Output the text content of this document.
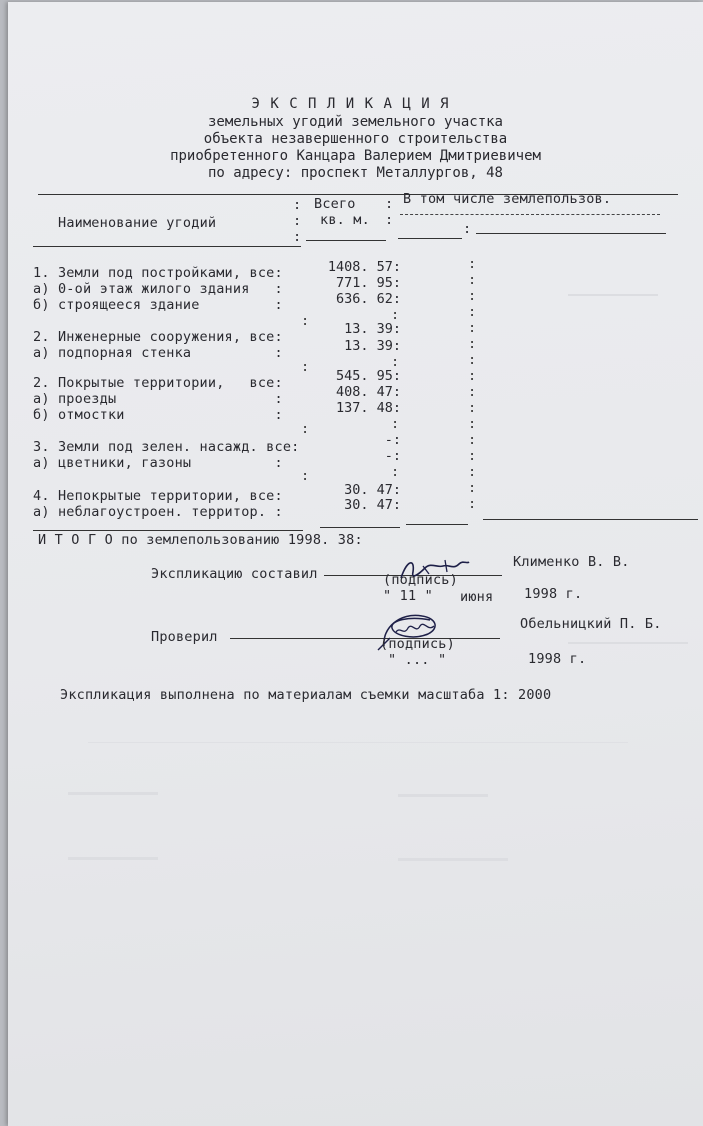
Э К С П Л И К А Ц И Я
земельных угодий земельного участка
объекта незавершенного строительства
приобретенного Канцара Валерием Дмитриевичем
по адресу: проспект Металлургов, 48
Наименование угодий
:
:
:
Всего
кв. м.
:
:
В том числе землепользов.
:
1. Земли под постройками, все:	1408. 57:
а) 0-ой этаж жилого здания   :	771. 95:
б) строящееся здание         :	636. 62:
2. Инженерные сооружения, все:	13. 39:
а) подпорная стенка          :	13. 39:
2. Покрытые территории,   все:	545. 95:
а) проезды                   :	408. 47:
б) отмостки                  :	137. 48:
3. Земли под зелен. насажд. все:	-:
а) цветники, газоны          :	-:
4. Непокрытые территории, все:	30. 47:
а) неблагоустроен. территор. :	30. 47:
:
:
:
:
:
:
:
:
:
:
:
:
:
:
:
:
:
:
:
:
:
:
:
:
И Т О Г О по землепользованию 1998. 38:
Экспликацию составил
Клименко В. В.
(подпись)
" 11 " июня 1998 г.
Проверил
Обельницкий П. Б.
(подпись)
" ... "	1998 г.
Экспликация выполнена по материалам съемки масштаба 1: 2000
